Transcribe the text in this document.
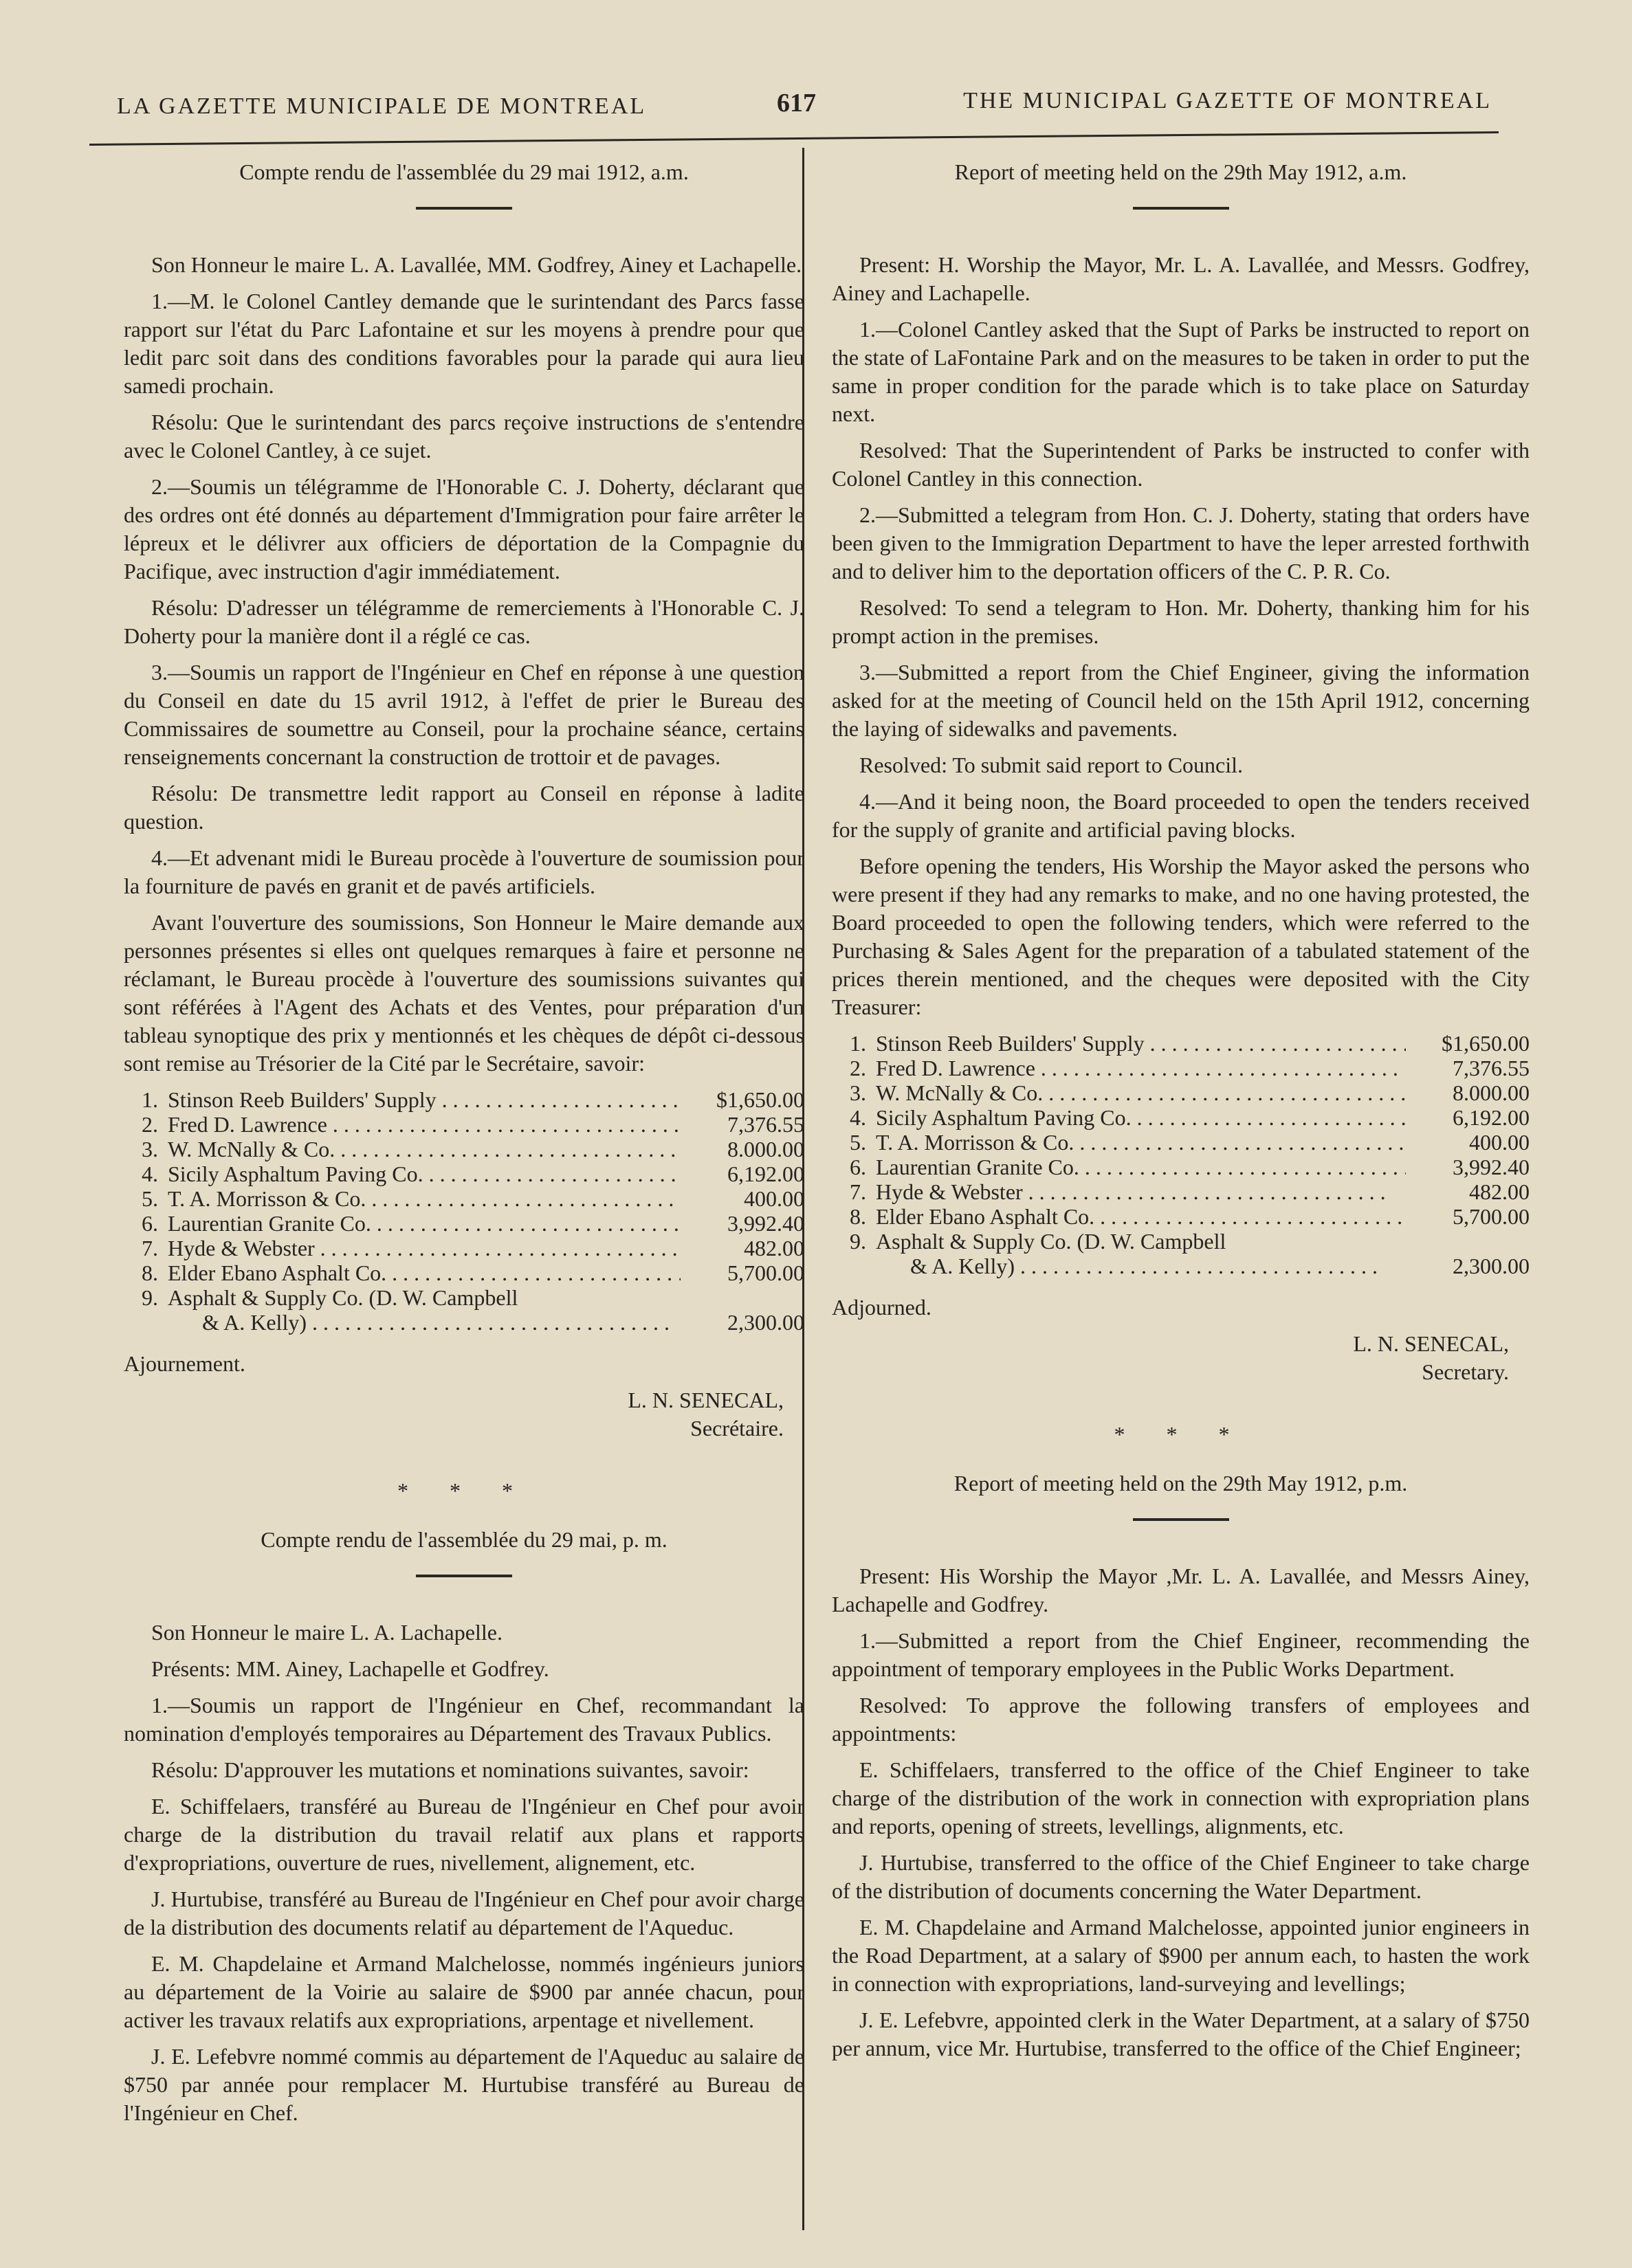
LA GAZETTE MUNICIPALE DE MONTREAL	617	THE MUNICIPAL GAZETTE OF MONTREAL

Compte rendu de l'assemblée du 29 mai 1912, a.m.

Son Honneur le maire L. A. Lavallée, MM. Godfrey, Ainey et Lachapelle.

1.—M. le Colonel Cantley demande que le surintendant des Parcs fasse rapport sur l'état du Parc Lafontaine et sur les moyens à prendre pour que ledit parc soit dans des conditions favorables pour la parade qui aura lieu samedi prochain.

Résolu: Que le surintendant des parcs reçoive instructions de s'entendre avec le Colonel Cantley, à ce sujet.

2.—Soumis un télégramme de l'Honorable C. J. Doherty, déclarant que des ordres ont été donnés au département d'Immigration pour faire arrêter le lépreux et le délivrer aux officiers de déportation de la Compagnie du Pacifique, avec instruction d'agir immédiatement.

Résolu: D'adresser un télégramme de remerciements à l'Honorable C. J. Doherty pour la manière dont il a réglé ce cas.

3.—Soumis un rapport de l'Ingénieur en Chef en réponse à une question du Conseil en date du 15 avril 1912, à l'effet de prier le Bureau des Commissaires de soumettre au Conseil, pour la prochaine séance, certains renseignements concernant la construction de trottoir et de pavages.

Résolu: De transmettre ledit rapport au Conseil en réponse à ladite question.

4.—Et advenant midi le Bureau procède à l'ouverture de soumission pour la fourniture de pavés en granit et de pavés artificiels.

Avant l'ouverture des soumissions, Son Honneur le Maire demande aux personnes présentes si elles ont quelques remarques à faire et personne ne réclamant, le Bureau procède à l'ouverture des soumissions suivantes qui sont référées à l'Agent des Achats et des Ventes, pour préparation d'un tableau synoptique des prix y mentionnés et les chèques de dépôt ci-dessous sont remise au Trésorier de la Cité par le Secrétaire, savoir:

1. Stinson Reeb Builders' Supply . . .	$1,650.00
2. Fred D. Lawrence . . .	7,376.55
3. W. McNally & Co. . . .	8.000.00
4. Sicily Asphaltum Paving Co. . . .	6,192.00
5. T. A. Morrisson & Co. . . .	400.00
6. Laurentian Granite Co. . . .	3,992.40
7. Hyde & Webster . . .	482.00
8. Elder Ebano Asphalt Co. . . .	5,700.00
9. Asphalt & Supply Co. (D. W. Campbell
& A. Kelly) . . .	2,300.00

Ajournement.

L. N. SENECAL,
Secrétaire.
* * *

Compte rendu de l'assemblée du 29 mai, p. m.

Son Honneur le maire L. A. Lachapelle.

Présents: MM. Ainey, Lachapelle et Godfrey.

1.—Soumis un rapport de l'Ingénieur en Chef, recommandant la nomination d'employés temporaires au Département des Travaux Publics.

Résolu: D'approuver les mutations et nominations suivantes, savoir:

E. Schiffelaers, transféré au Bureau de l'Ingénieur en Chef pour avoir charge de la distribution du travail relatif aux plans et rapports d'expropriations, ouverture de rues, nivellement, alignement, etc.

J. Hurtubise, transféré au Bureau de l'Ingénieur en Chef pour avoir charge de la distribution des documents relatif au département de l'Aqueduc.

E. M. Chapdelaine et Armand Malchelosse, nommés ingénieurs juniors au département de la Voirie au salaire de $900 par année chacun, pour activer les travaux relatifs aux expropriations, arpentage et nivellement.

J. E. Lefebvre nommé commis au département de l'Aqueduc au salaire de $750 par année pour remplacer M. Hurtubise transféré au Bureau de l'Ingénieur en Chef.

Report of meeting held on the 29th May 1912, a.m.

Present: H. Worship the Mayor, Mr. L. A. Lavallée, and Messrs. Godfrey, Ainey and Lachapelle.

1.—Colonel Cantley asked that the Supt of Parks be instructed to report on the state of LaFontaine Park and on the measures to be taken in order to put the same in proper condition for the parade which is to take place on Saturday next.

Resolved: That the Superintendent of Parks be instructed to confer with Colonel Cantley in this connection.

2.—Submitted a telegram from Hon. C. J. Doherty, stating that orders have been given to the Immigration Department to have the leper arrested forthwith and to deliver him to the deportation officers of the C. P. R. Co.

Resolved: To send a telegram to Hon. Mr. Doherty, thanking him for his prompt action in the premises.

3.—Submitted a report from the Chief Engineer, giving the information asked for at the meeting of Council held on the 15th April 1912, concerning the laying of sidewalks and pavements.

Resolved: To submit said report to Council.

4.—And it being noon, the Board proceeded to open the tenders received for the supply of granite and artificial paving blocks.

Before opening the tenders, His Worship the Mayor asked the persons who were present if they had any remarks to make, and no one having protested, the Board proceeded to open the following tenders, which were referred to the Purchasing & Sales Agent for the preparation of a tabulated statement of the prices therein mentioned, and the cheques were deposited with the City Treasurer:

1. Stinson Reeb Builders' Supply . . .	$1,650.00
2. Fred D. Lawrence . . .	7,376.55
3. W. McNally & Co. . . .	8.000.00
4. Sicily Asphaltum Paving Co. . . .	6,192.00
5. T. A. Morrisson & Co. . . .	400.00
6. Laurentian Granite Co. . . .	3,992.40
7. Hyde & Webster . . .	482.00
8. Elder Ebano Asphalt Co. . . .	5,700.00
9. Asphalt & Supply Co. (D. W. Campbell
& A. Kelly) . . .	2,300.00

Adjourned.

L. N. SENECAL,
Secretary.
* * *

Report of meeting held on the 29th May 1912, p.m.

Present: His Worship the Mayor ,Mr. L. A. Lavallée, and Messrs Ainey, Lachapelle and Godfrey.

1.—Submitted a report from the Chief Engineer, recommending the appointment of temporary employees in the Public Works Department.

Resolved: To approve the following transfers of employees and appointments:

E. Schiffelaers, transferred to the office of the Chief Engineer to take charge of the distribution of the work in connection with expropriation plans and reports, opening of streets, levellings, alignments, etc.

J. Hurtubise, transferred to the office of the Chief Engineer to take charge of the distribution of documents concerning the Water Department.

E. M. Chapdelaine and Armand Malchelosse, appointed junior engineers in the Road Department, at a salary of $900 per annum each, to hasten the work in connection with expropriations, land-surveying and levellings;

J. E. Lefebvre, appointed clerk in the Water Department, at a salary of $750 per annum, vice Mr. Hurtubise, transferred to the office of the Chief Engineer;
